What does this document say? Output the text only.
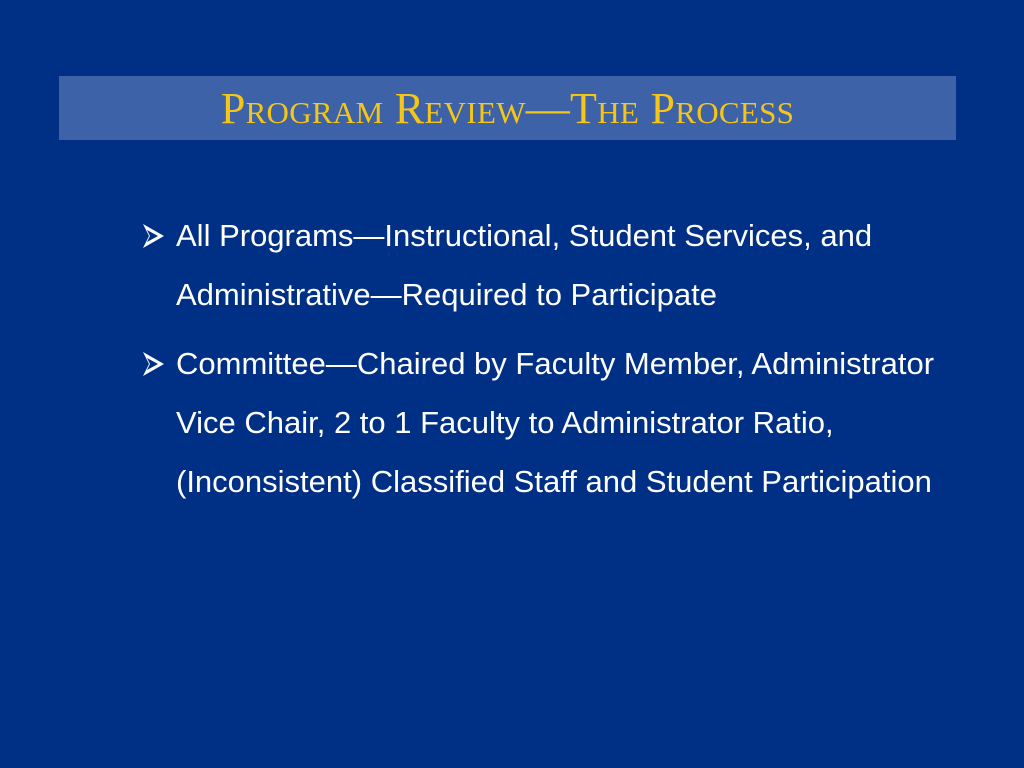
Program Review—The Process
All Programs—Instructional, Student Services, and Administrative—Required to Participate
Committee—Chaired by Faculty Member, Administrator Vice Chair, 2 to 1 Faculty to Administrator Ratio, (Inconsistent) Classified Staff and Student Participation
